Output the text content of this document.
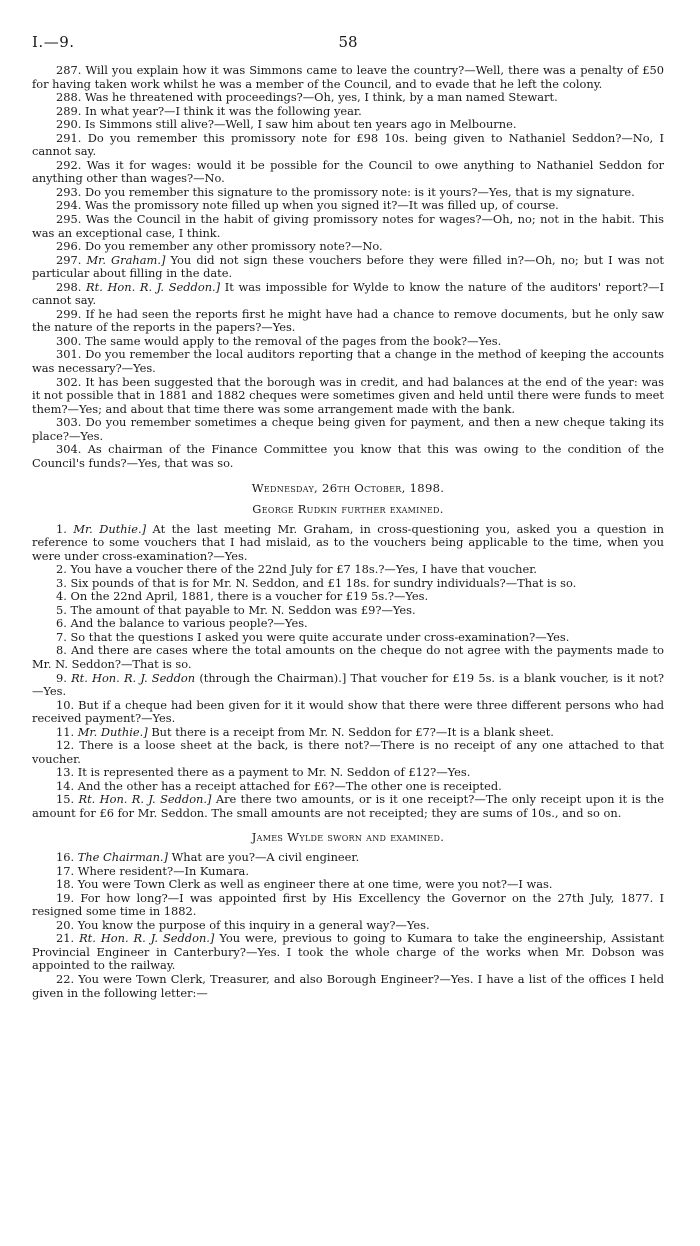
I.—9.	58

287. Will you explain how it was Simmons came to leave the country?—Well, there was a penalty of £50 for having taken work whilst he was a member of the Council, and to evade that he left the colony.

288. Was he threatened with proceedings?—Oh, yes, I think, by a man named Stewart.

289. In what year?—I think it was the following year.

290. Is Simmons still alive?—Well, I saw him about ten years ago in Melbourne.

291. Do you remember this promissory note for £98 10s. being given to Nathaniel Seddon?—No, I cannot say.

292. Was it for wages: would it be possible for the Council to owe anything to Nathaniel Seddon for anything other than wages?—No.

293. Do you remember this signature to the promissory note: is it yours?—Yes, that is my signature.

294. Was the promissory note filled up when you signed it?—It was filled up, of course.

295. Was the Council in the habit of giving promissory notes for wages?—Oh, no; not in the habit. This was an exceptional case, I think.

296. Do you remember any other promissory note?—No.

297. Mr. Graham.] You did not sign these vouchers before they were filled in?—Oh, no; but I was not particular about filling in the date.

298. Rt. Hon. R. J. Seddon.] It was impossible for Wylde to know the nature of the auditors' report?—I cannot say.

299. If he had seen the reports first he might have had a chance to remove documents, but he only saw the nature of the reports in the papers?—Yes.

300. The same would apply to the removal of the pages from the book?—Yes.

301. Do you remember the local auditors reporting that a change in the method of keeping the accounts was necessary?—Yes.

302. It has been suggested that the borough was in credit, and had balances at the end of the year: was it not possible that in 1881 and 1882 cheques were sometimes given and held until there were funds to meet them?—Yes; and about that time there was some arrangement made with the bank.

303. Do you remember sometimes a cheque being given for payment, and then a new cheque taking its place?—Yes.

304. As chairman of the Finance Committee you know that this was owing to the condition of the Council's funds?—Yes, that was so.

Wednesday, 26th October, 1898.
George Rudkin further examined.

1. Mr. Duthie.] At the last meeting Mr. Graham, in cross-questioning you, asked you a question in reference to some vouchers that I had mislaid, as to the vouchers being applicable to the time, when you were under cross-examination?—Yes.

2. You have a voucher there of the 22nd July for £7 18s.?—Yes, I have that voucher.

3. Six pounds of that is for Mr. N. Seddon, and £1 18s. for sundry individuals?—That is so.

4. On the 22nd April, 1881, there is a voucher for £19 5s.?—Yes.

5. The amount of that payable to Mr. N. Seddon was £9?—Yes.

6. And the balance to various people?—Yes.

7. So that the questions I asked you were quite accurate under cross-examination?—Yes.

8. And there are cases where the total amounts on the cheque do not agree with the payments made to Mr. N. Seddon?—That is so.

9. Rt. Hon. R. J. Seddon (through the Chairman).] That voucher for £19 5s. is a blank voucher, is it not?—Yes.

10. But if a cheque had been given for it it would show that there were three different persons who had received payment?—Yes.

11. Mr. Duthie.] But there is a receipt from Mr. N. Seddon for £7?—It is a blank sheet.

12. There is a loose sheet at the back, is there not?—There is no receipt of any one attached to that voucher.

13. It is represented there as a payment to Mr. N. Seddon of £12?—Yes.

14. And the other has a receipt attached for £6?—The other one is receipted.

15. Rt. Hon. R. J. Seddon.] Are there two amounts, or is it one receipt?—The only receipt upon it is the amount for £6 for Mr. Seddon. The small amounts are not receipted; they are sums of 10s., and so on.

James Wylde sworn and examined.

16. The Chairman.] What are you?—A civil engineer.

17. Where resident?—In Kumara.

18. You were Town Clerk as well as engineer there at one time, were you not?—I was.

19. For how long?—I was appointed first by His Excellency the Governor on the 27th July, 1877. I resigned some time in 1882.

20. You know the purpose of this inquiry in a general way?—Yes.

21. Rt. Hon. R. J. Seddon.] You were, previous to going to Kumara to take the engineership, Assistant Provincial Engineer in Canterbury?—Yes. I took the whole charge of the works when Mr. Dobson was appointed to the railway.

22. You were Town Clerk, Treasurer, and also Borough Engineer?—Yes. I have a list of the offices I held given in the following letter:—
